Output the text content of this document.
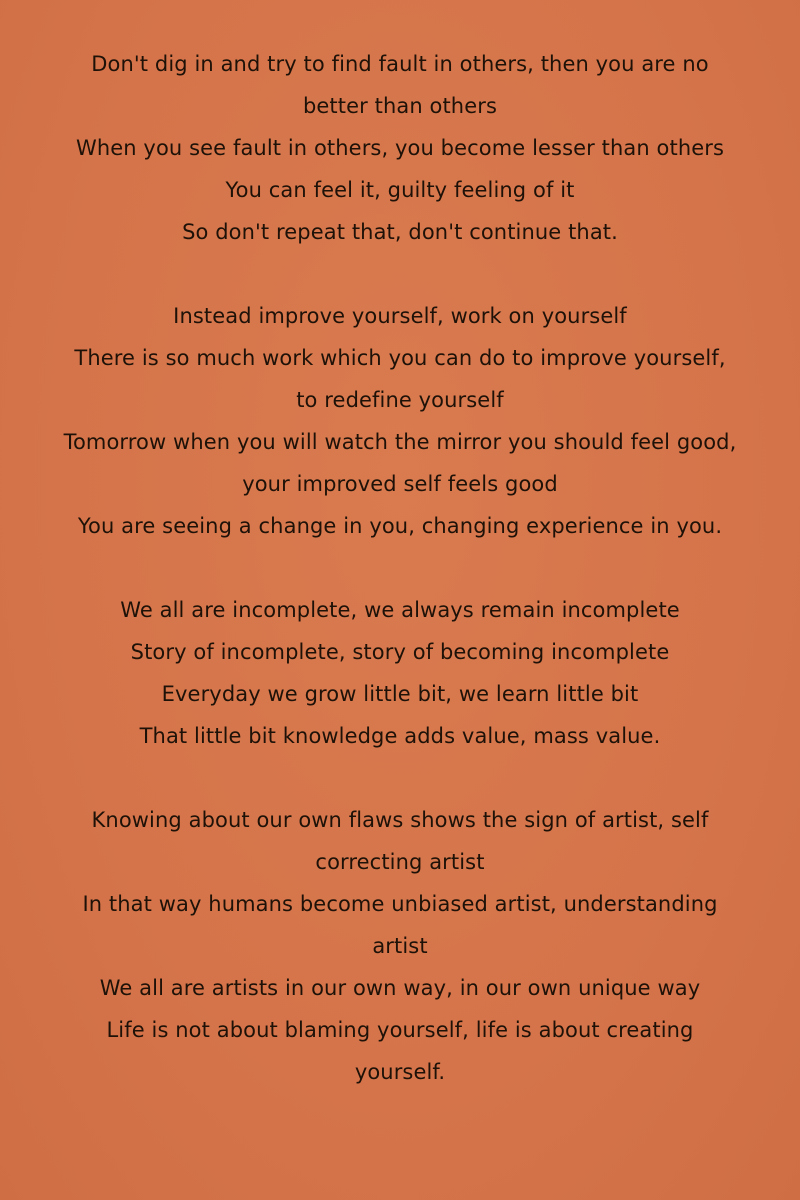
Don't dig in and try to find fault in others, then you are no
better than others
When you see fault in others, you become lesser than others
You can feel it, guilty feeling of it
So don't repeat that, don't continue that.
Instead improve yourself, work on yourself
There is so much work which you can do to improve yourself,
to redefine yourself
Tomorrow when you will watch the mirror you should feel good,
your improved self feels good
You are seeing a change in you, changing experience in you.
We all are incomplete, we always remain incomplete
Story of incomplete, story of becoming incomplete
Everyday we grow little bit, we learn little bit
That little bit knowledge adds value, mass value.
Knowing about our own flaws shows the sign of artist, self
correcting artist
In that way humans become unbiased artist, understanding
artist
We all are artists in our own way, in our own unique way
Life is not about blaming yourself, life is about creating
yourself.
